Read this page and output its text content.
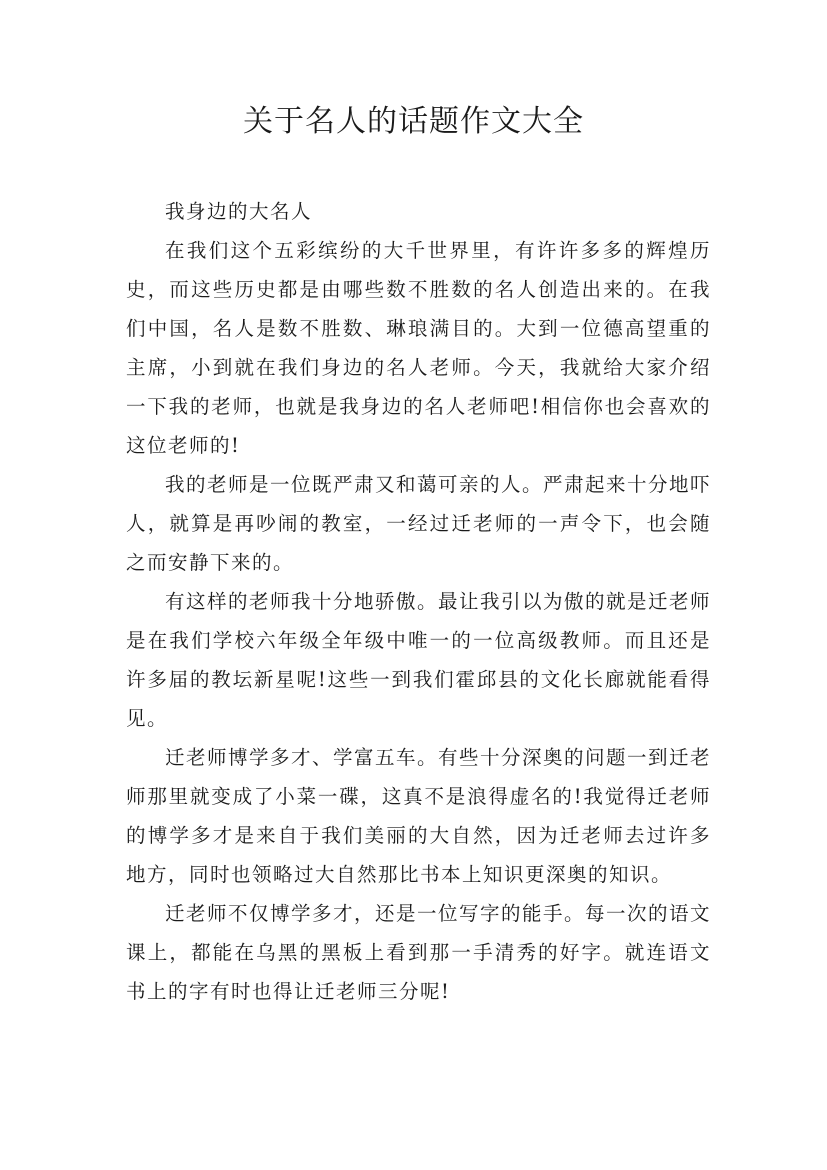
关于名人的话题作文大全

我身边的大名人

在我们这个五彩缤纷的大千世界里，有许许多多的辉煌历史，而这些历史都是由哪些数不胜数的名人创造出来的。在我们中国，名人是数不胜数、琳琅满目的。大到一位德高望重的主席，小到就在我们身边的名人老师。今天，我就给大家介绍一下我的老师，也就是我身边的名人老师吧!相信你也会喜欢的这位老师的!

我的老师是一位既严肃又和蔼可亲的人。严肃起来十分地吓人，就算是再吵闹的教室，一经过迁老师的一声令下，也会随之而安静下来的。

有这样的老师我十分地骄傲。最让我引以为傲的就是迁老师是在我们学校六年级全年级中唯一的一位高级教师。而且还是许多届的教坛新星呢!这些一到我们霍邱县的文化长廊就能看得见。

迁老师博学多才、学富五车。有些十分深奥的问题一到迁老师那里就变成了小菜一碟，这真不是浪得虚名的!我觉得迁老师的博学多才是来自于我们美丽的大自然，因为迁老师去过许多地方，同时也领略过大自然那比书本上知识更深奥的知识。

迁老师不仅博学多才，还是一位写字的能手。每一次的语文课上，都能在乌黑的黑板上看到那一手清秀的好字。就连语文书上的字有时也得让迁老师三分呢!
